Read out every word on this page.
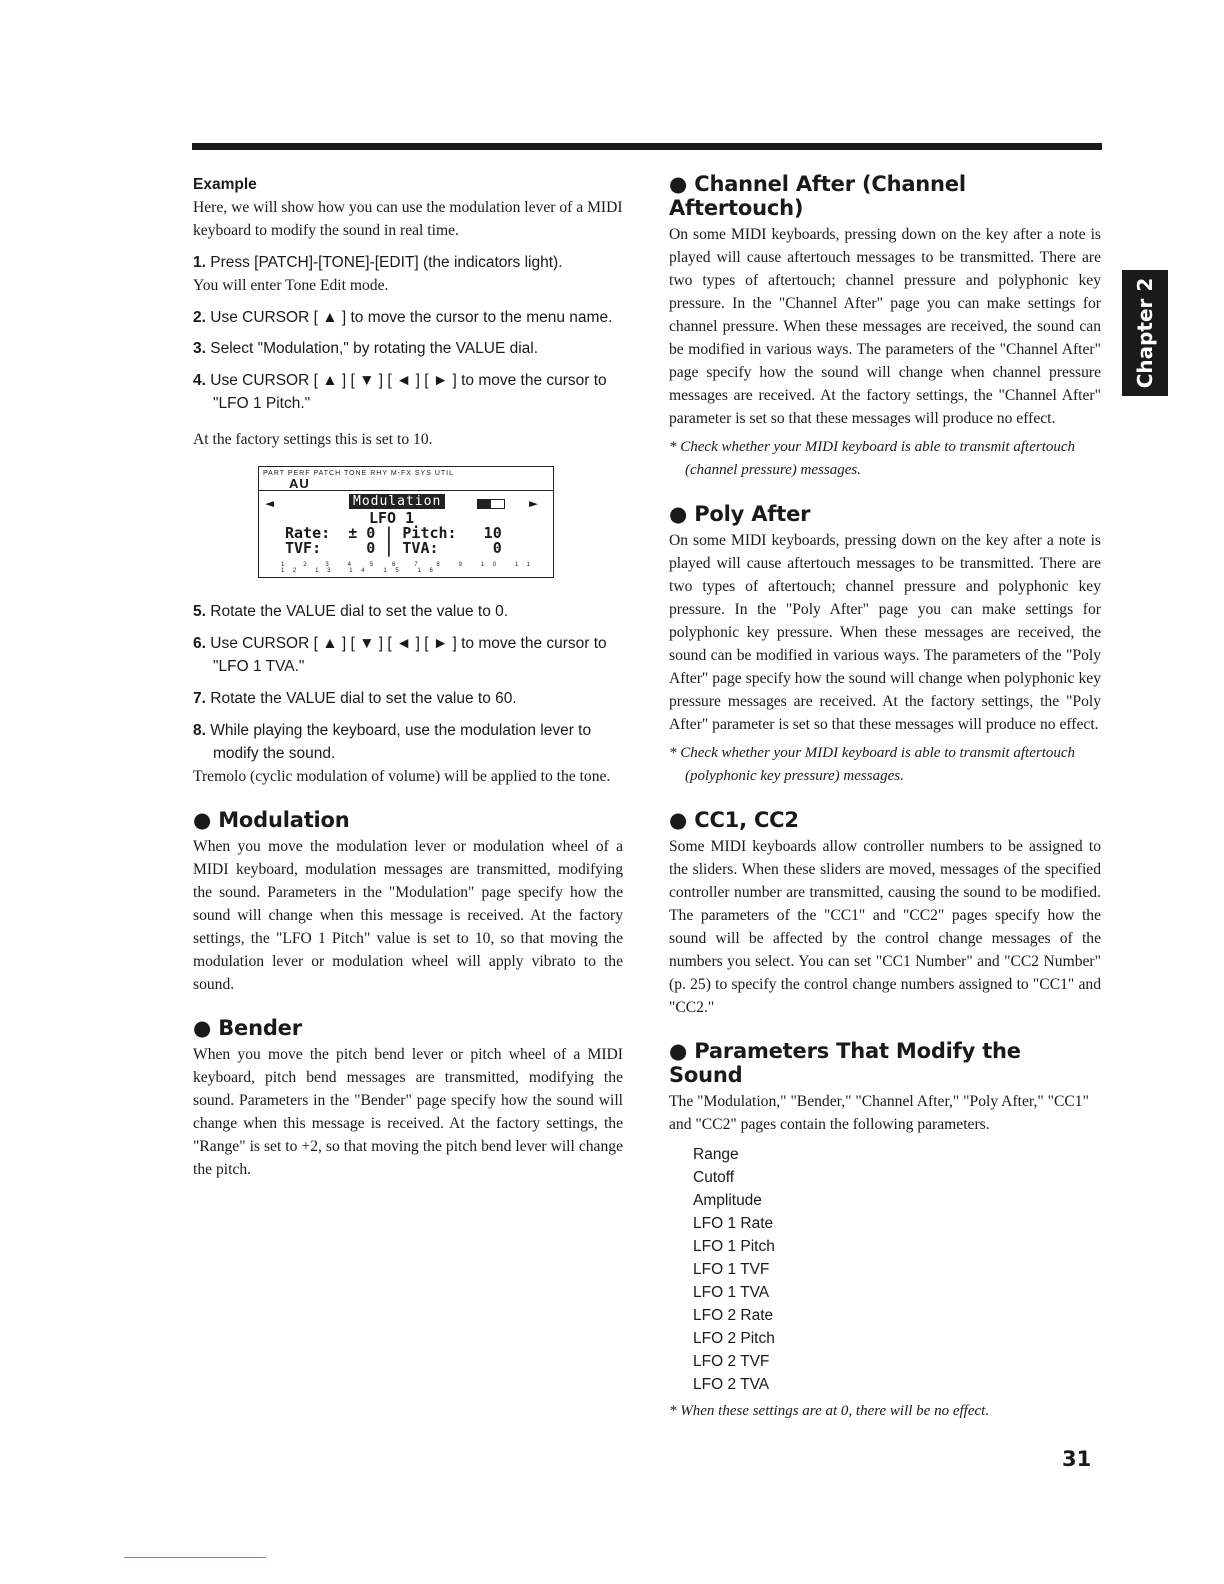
Example

Here, we will show how you can use the modulation lever of a MIDI keyboard to modify the sound in real time.

1. Press [PATCH]-[TONE]-[EDIT] (the indicators light).

You will enter Tone Edit mode.

2. Use CURSOR [ ▲ ] to move the cursor to the menu name.

3. Select "Modulation," by rotating the VALUE dial.

4. Use CURSOR [ ▲ ] [ ▼ ] [ ◄ ] [ ► ] to move the cursor to "LFO 1 Pitch."

At the factory settings this is set to 10.

PART PERF PATCH TONE RHY M-FX SYS UTIL
AU
◄	Modulation	►
LFO 1
Rate:  ± 0 | Pitch:   10
TVF:     0 | TVA:      0
1 2 3 4 5 6 7 8 9 10 11 12 13 14 15 16

5. Rotate the VALUE dial to set the value to 0.

6. Use CURSOR [ ▲ ] [ ▼ ] [ ◄ ] [ ► ] to move the cursor to "LFO 1 TVA."

7. Rotate the VALUE dial to set the value to 60.

8. While playing the keyboard, use the modulation lever to modify the sound.

Tremolo (cyclic modulation of volume) will be applied to the tone.

● Modulation

When you move the modulation lever or modulation wheel of a MIDI keyboard, modulation messages are transmitted, modifying the sound. Parameters in the "Modulation" page specify how the sound will change when this message is received. At the factory settings, the "LFO 1 Pitch" value is set to 10, so that moving the modulation lever or modulation wheel will apply vibrato to the sound.

● Bender

When you move the pitch bend lever or pitch wheel of a MIDI keyboard, pitch bend messages are transmitted, modifying the sound. Parameters in the "Bender" page specify how the sound will change when this message is received. At the factory settings, the "Range" is set to +2, so that moving the pitch bend lever will change the pitch.

● Channel After (Channel Aftertouch)

On some MIDI keyboards, pressing down on the key after a note is played will cause aftertouch messages to be transmitted. There are two types of aftertouch; channel pressure and polyphonic key pressure. In the "Channel After" page you can make settings for channel pressure. When these messages are received, the sound can be modified in various ways. The parameters of the "Channel After" page specify how the sound will change when channel pressure messages are received. At the factory settings, the "Channel After" parameter is set so that these messages will produce no effect.

* Check whether your MIDI keyboard is able to transmit aftertouch (channel pressure) messages.

● Poly After

On some MIDI keyboards, pressing down on the key after a note is played will cause aftertouch messages to be transmitted. There are two types of aftertouch; channel pressure and polyphonic key pressure. In the "Poly After" page you can make settings for polyphonic key pressure. When these messages are received, the sound can be modified in various ways. The parameters of the "Poly After" page specify how the sound will change when polyphonic key pressure messages are received. At the factory settings, the "Poly After" parameter is set so that these messages will produce no effect.

* Check whether your MIDI keyboard is able to transmit aftertouch (polyphonic key pressure) messages.

● CC1, CC2

Some MIDI keyboards allow controller numbers to be assigned to the sliders. When these sliders are moved, messages of the specified controller number are transmitted, causing the sound to be modified. The parameters of the "CC1" and "CC2" pages specify how the sound will be affected by the control change messages of the numbers you select. You can set "CC1 Number" and "CC2 Number" (p. 25) to specify the control change numbers assigned to "CC1" and "CC2."

● Parameters That Modify the Sound

The "Modulation," "Bender," "Channel After," "Poly After," "CC1" and "CC2" pages contain the following parameters.

Range
Cutoff
Amplitude
LFO 1 Rate
LFO 1 Pitch
LFO 1 TVF
LFO 1 TVA
LFO 2 Rate
LFO 2 Pitch
LFO 2 TVF
LFO 2 TVA

* When these settings are at 0, there will be no effect.

Chapter 2
31
